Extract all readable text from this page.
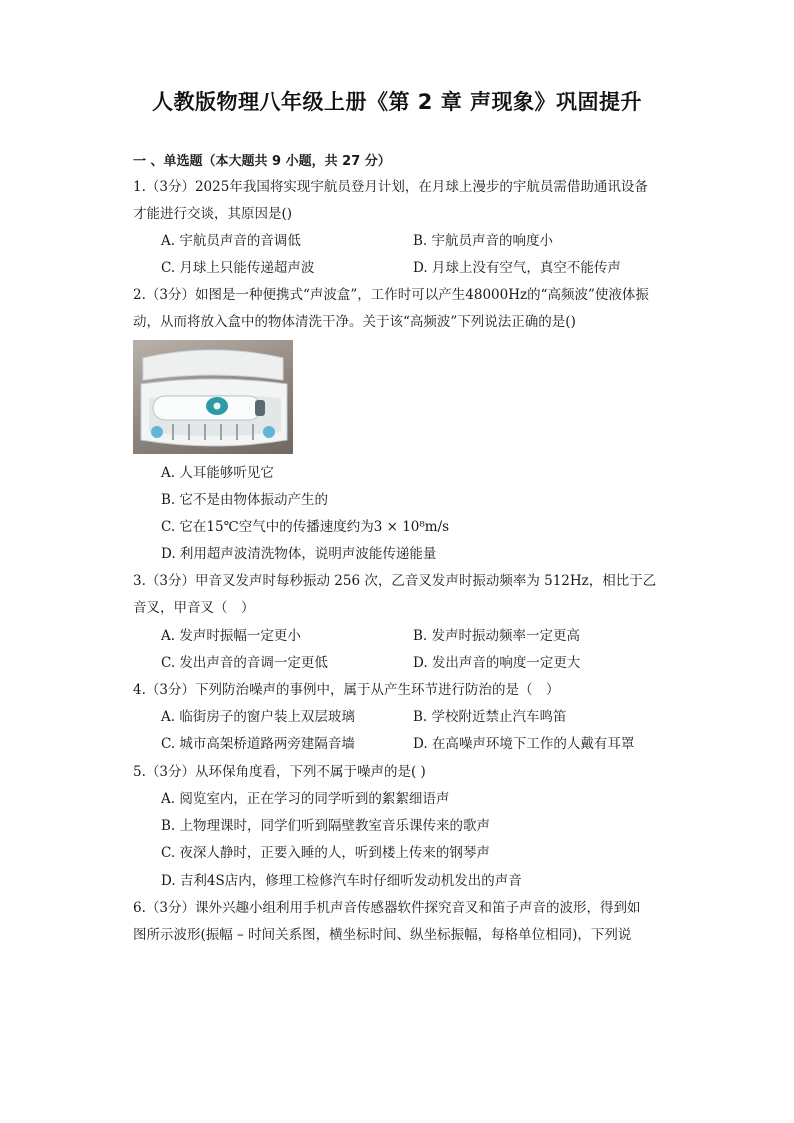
人教版物理八年级上册《第 2 章 声现象》巩固提升
一 、单选题（本大题共 9 小题，共 27 分）
1.（3分）2025年我国将实现宇航员登月计划，在月球上漫步的宇航员需借助通讯设备
才能进行交谈，其原因是()
A. 宇航员声音的音调低	B. 宇航员声音的响度小
C. 月球上只能传递超声波	D. 月球上没有空气，真空不能传声
2.（3分）如图是一种便携式“声波盒”，工作时可以产生48000Hz的“高频波”使液体振
动，从而将放入盒中的物体清洗干净。关于该“高频波”下列说法正确的是()
A. 人耳能够听见它
B. 它不是由物体振动产生的
C. 它在15℃空气中的传播速度约为3 × 10⁸m/s
D. 利用超声波清洗物体，说明声波能传递能量
3.（3分）甲音叉发声时每秒振动 256 次，乙音叉发声时振动频率为 512Hz，相比于乙
音叉，甲音叉（　）
A. 发声时振幅一定更小	B. 发声时振动频率一定更高
C. 发出声音的音调一定更低	D. 发出声音的响度一定更大
4.（3分）下列防治噪声的事例中，属于从产生环节进行防治的是（　）
A. 临街房子的窗户装上双层玻璃	B. 学校附近禁止汽车鸣笛
C. 城市高架桥道路两旁建隔音墙	D. 在高噪声环境下工作的人戴有耳罩
5.（3分）从环保角度看，下列不属于噪声的是( )
A. 阅览室内，正在学习的同学听到的絮絮细语声
B. 上物理课时，同学们听到隔壁教室音乐课传来的歌声
C. 夜深人静时，正要入睡的人，听到楼上传来的钢琴声
D. 吉利4S店内，修理工检修汽车时仔细听发动机发出的声音
6.（3分）课外兴趣小组利用手机声音传感器软件探究音叉和笛子声音的波形，得到如
图所示波形(振幅 – 时间关系图，横坐标时间、纵坐标振幅，每格单位相同)，下列说
